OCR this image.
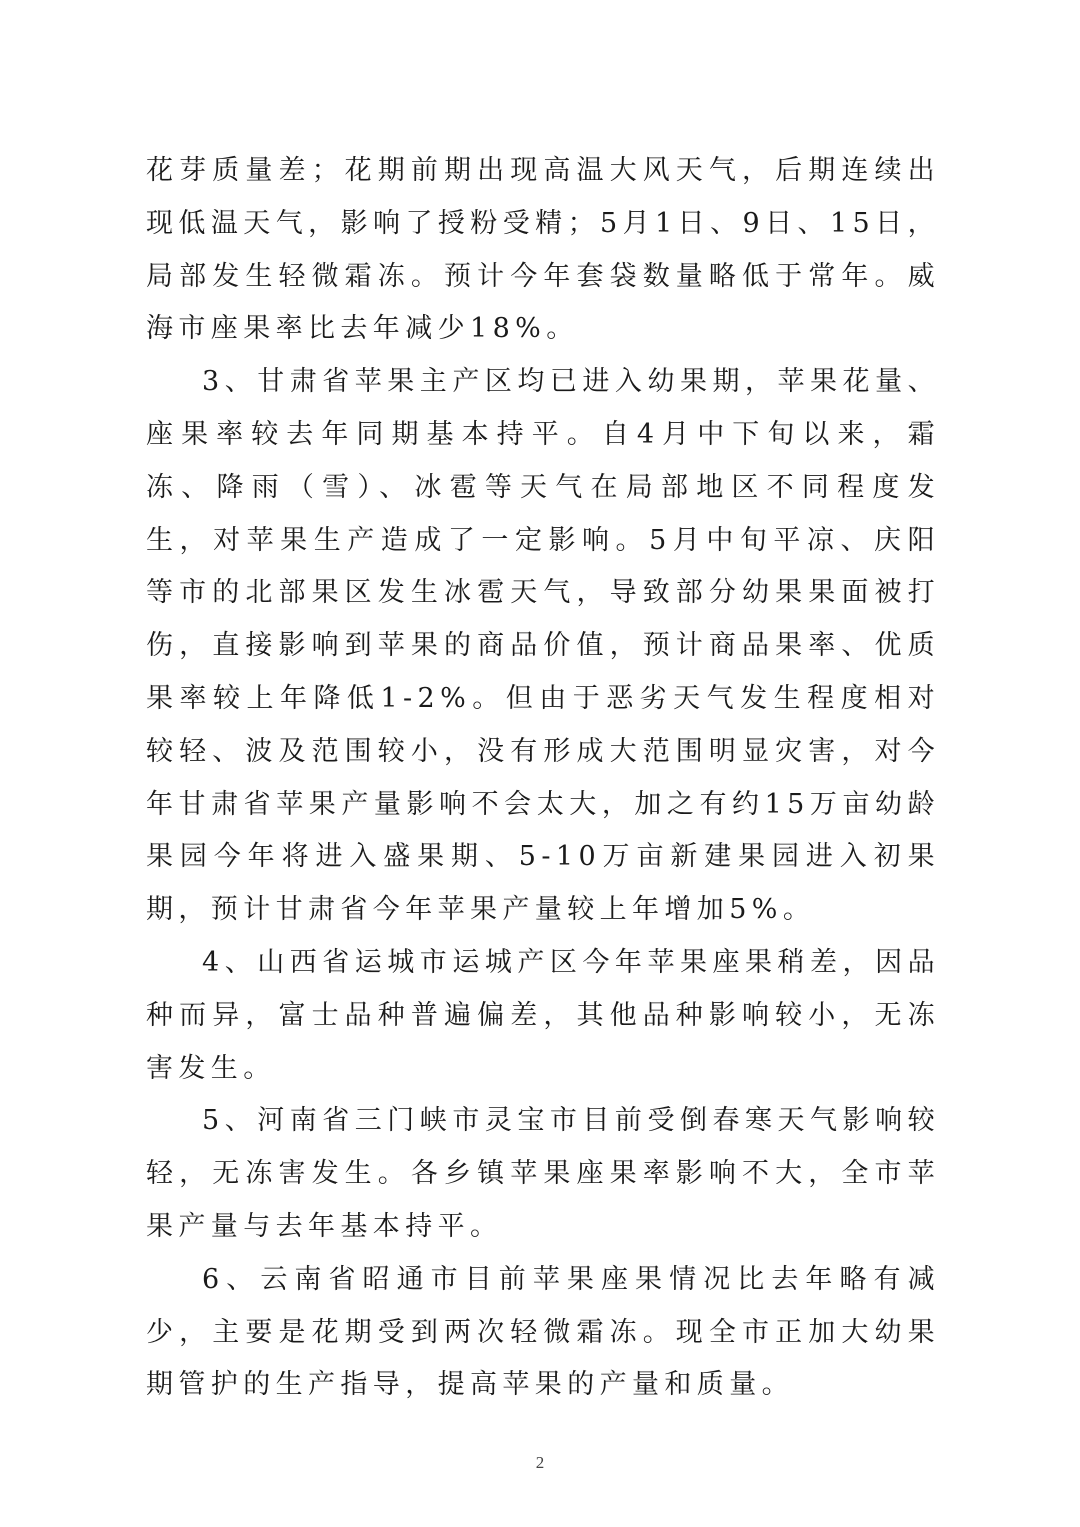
花芽质量差；花期前期出现高温大风天气，后期连续出现低温天气，影响了授粉受精；5月1日、9日、15日，局部发生轻微霜冻。预计今年套袋数量略低于常年。威海市座果率比去年减少18%。

3、甘肃省苹果主产区均已进入幼果期，苹果花量、座果率较去年同期基本持平。自4月中下旬以来，霜冻、降雨（雪）、冰雹等天气在局部地区不同程度发生，对苹果生产造成了一定影响。5月中旬平凉、庆阳等市的北部果区发生冰雹天气，导致部分幼果果面被打伤，直接影响到苹果的商品价值，预计商品果率、优质果率较上年降低1-2%。但由于恶劣天气发生程度相对较轻、波及范围较小，没有形成大范围明显灾害，对今年甘肃省苹果产量影响不会太大，加之有约15万亩幼龄果园今年将进入盛果期、5-10万亩新建果园进入初果期，预计甘肃省今年苹果产量较上年增加5%。

4、山西省运城市运城产区今年苹果座果稍差，因品种而异，富士品种普遍偏差，其他品种影响较小，无冻害发生。

5、河南省三门峡市灵宝市目前受倒春寒天气影响较轻，无冻害发生。各乡镇苹果座果率影响不大，全市苹果产量与去年基本持平。

6、云南省昭通市目前苹果座果情况比去年略有减少，主要是花期受到两次轻微霜冻。现全市正加大幼果期管护的生产指导，提高苹果的产量和质量。

2
